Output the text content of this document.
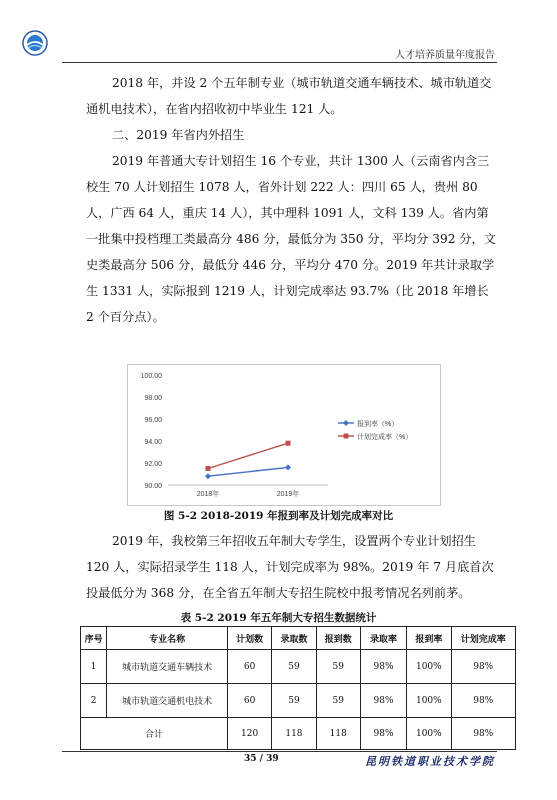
人才培养质量年度报告

2018 年，并设 2 个五年制专业（城市轨道交通车辆技术、城市轨道交通机电技术），在省内招收初中毕业生 121 人。

二、2019 年省内外招生

2019 年普通大专计划招生 16 个专业，共计 1300 人（云南省内含三校生 70 人计划招生 1078 人，省外计划 222 人：四川 65 人，贵州 80 人，广西 64 人，重庆 14 人），其中理科 1091 人，文科 139 人。省内第一批集中投档理工类最高分 486 分，最低分为 350 分，平均分 392 分，文史类最高分 506 分，最低分 446 分，平均分 470 分。2019 年共计录取学生 1331 人，实际报到 1219 人，计划完成率达 93.7%（比 2018 年增长 2 个百分点）。

90.00
92.00
94.00
96.00
98.00
100.00
2018年	2019年
报到率（%）
计划完成率（%）
图 5-2 2018-2019 年报到率及计划完成率对比

2019 年，我校第三年招收五年制大专学生，设置两个专业计划招生 120 人，实际招录学生 118 人，计划完成率为 98%。2019 年 7 月底首次投最低分为 368 分，在全省五年制大专招生院校中报考情况名列前茅。

表 5-2 2019 年五年制大专招生数据统计
序号	专业名称	计划数	录取数	报到数	录取率	报到率	计划完成率
1	城市轨道交通车辆技术	60	59	59	98%	100%	98%
2	城市轨道交通机电技术	60	59	59	98%	100%	98%
合计		120	118	118	98%	100%	98%
35 / 39	昆明铁道职业技术学院
